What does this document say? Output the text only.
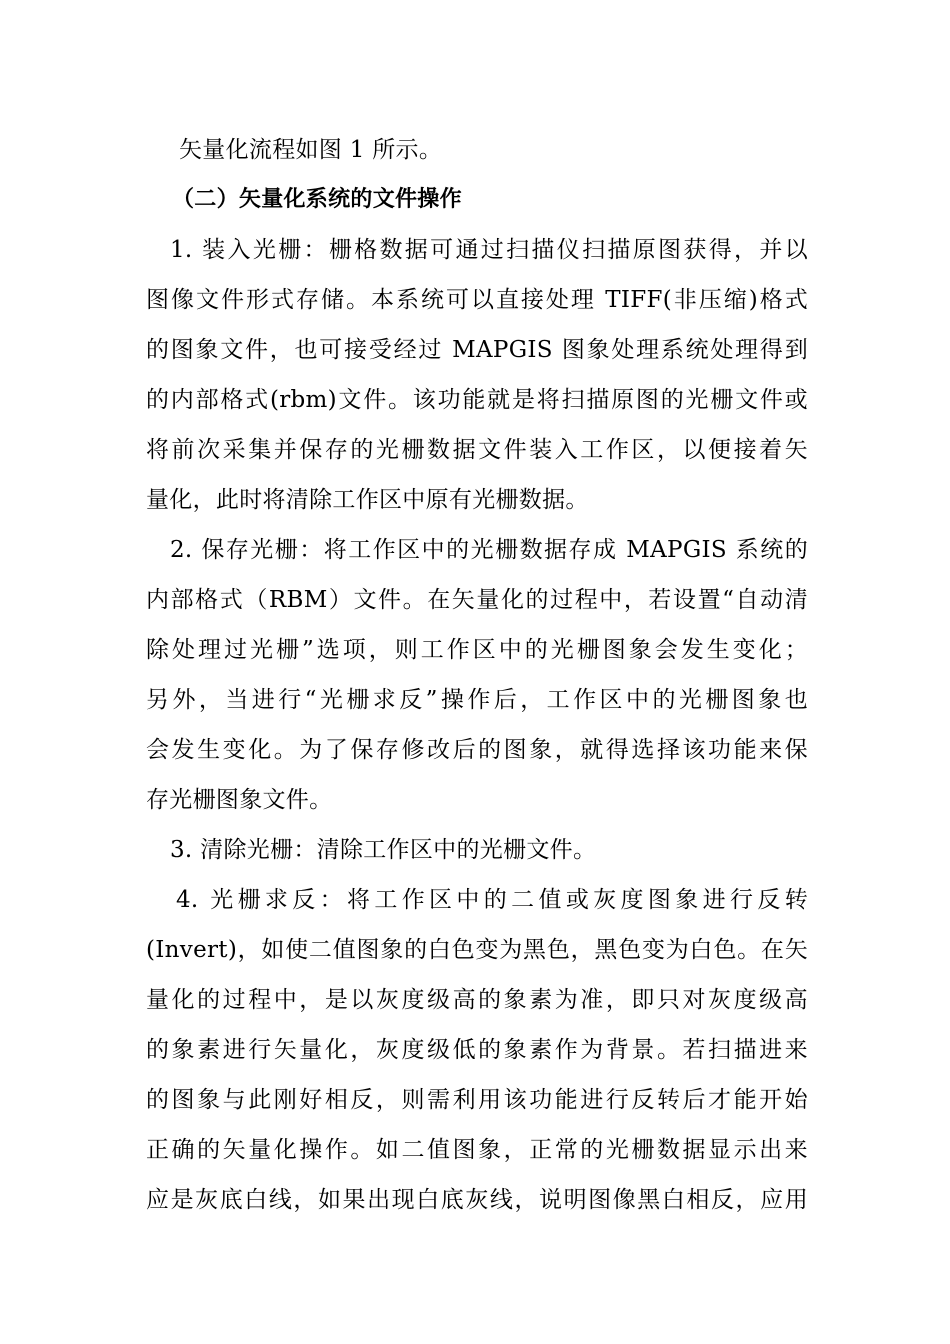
矢量化流程如图 1 所示。
（二）矢量化系统的文件操作
1. 装入光栅：栅格数据可通过扫描仪扫描原图获得，并以
图像文件形式存储。本系统可以直接处理 TIFF(非压缩)格式
的图象文件，也可接受经过 MAPGIS 图象处理系统处理得到
的内部格式(rbm)文件。该功能就是将扫描原图的光栅文件或
将前次采集并保存的光栅数据文件装入工作区，以便接着矢
量化，此时将清除工作区中原有光栅数据。
2. 保存光栅：将工作区中的光栅数据存成 MAPGIS 系统的
内部格式（RBM）文件。在矢量化的过程中，若设置“自动清
除处理过光栅”选项，则工作区中的光栅图象会发生变化；
另外，当进行“光栅求反”操作后，工作区中的光栅图象也
会发生变化。为了保存修改后的图象，就得选择该功能来保
存光栅图象文件。
3. 清除光栅：清除工作区中的光栅文件。
4. 光栅求反：将工作区中的二值或灰度图象进行反转
(Invert)，如使二值图象的白色变为黑色，黑色变为白色。在矢
量化的过程中，是以灰度级高的象素为准，即只对灰度级高
的象素进行矢量化，灰度级低的象素作为背景。若扫描进来
的图象与此刚好相反，则需利用该功能进行反转后才能开始
正确的矢量化操作。如二值图象，正常的光栅数据显示出来
应是灰底白线，如果出现白底灰线，说明图像黑白相反，应用
